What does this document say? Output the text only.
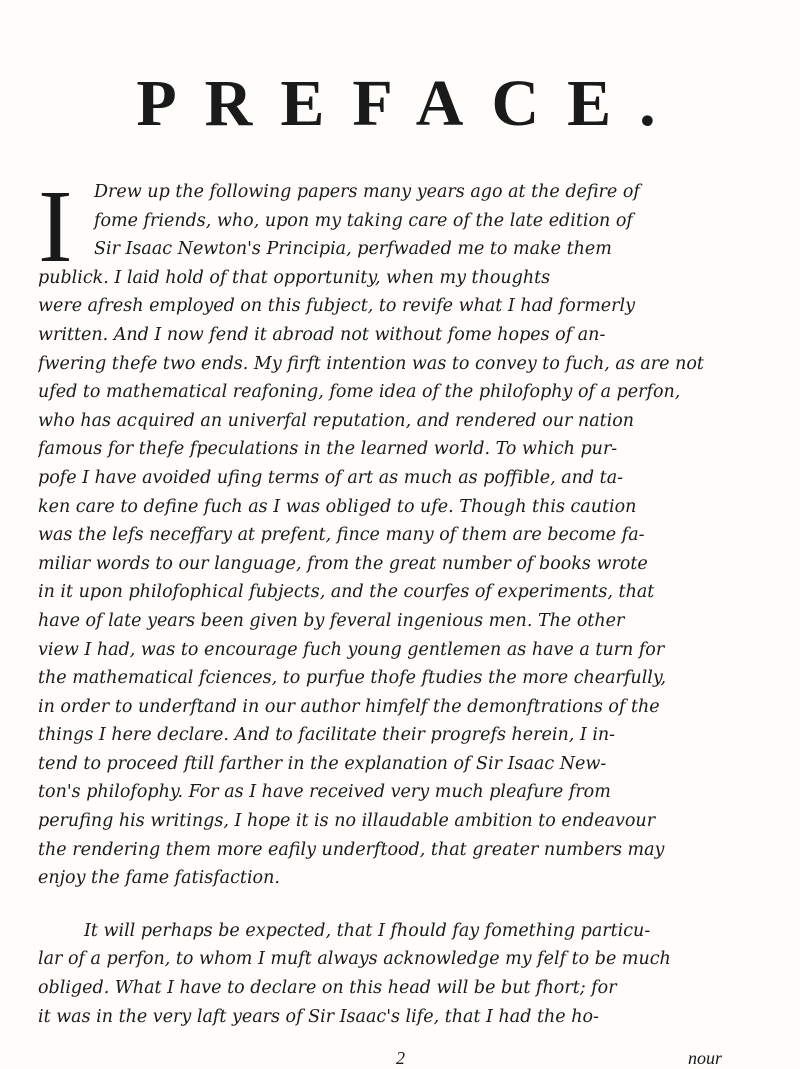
PREFACE.
I	Drew up the following papers many years ago at the defire of
fome friends, who, upon my taking care of the late edition of
Sir Isaac Newton's Principia, perfwaded me to make them
publick. I laid hold of that opportunity, when my thoughts
were afresh employed on this fubject, to revife what I had formerly
written. And I now fend it abroad not without fome hopes of an-
fwering thefe two ends. My firft intention was to convey to fuch, as are not
ufed to mathematical reafoning, fome idea of the philofophy of a perfon,
who has acquired an univerfal reputation, and rendered our nation
famous for thefe fpeculations in the learned world. To which pur-
pofe I have avoided ufing terms of art as much as poffible, and ta-
ken care to define fuch as I was obliged to ufe. Though this caution
was the lefs neceffary at prefent, fince many of them are become fa-
miliar words to our language, from the great number of books wrote
in it upon philofophical fubjects, and the courfes of experiments, that
have of late years been given by feveral ingenious men. The other
view I had, was to encourage fuch young gentlemen as have a turn for
the mathematical fciences, to purfue thofe ftudies the more chearfully,
in order to underftand in our author himfelf the demonftrations of the
things I here declare. And to facilitate their progrefs herein, I in-
tend to proceed ftill farther in the explanation of Sir Isaac New-
ton's philofophy. For as I have received very much pleafure from
perufing his writings, I hope it is no illaudable ambition to endeavour
the rendering them more eafily underftood, that greater numbers may
enjoy the fame fatisfaction.
It will perhaps be expected, that I fhould fay fomething particu-
lar of a perfon, to whom I muft always acknowledge my felf to be much
obliged. What I have to declare on this head will be but fhort; for
it was in the very laft years of Sir Isaac's life, that I had the ho-
2	nour
